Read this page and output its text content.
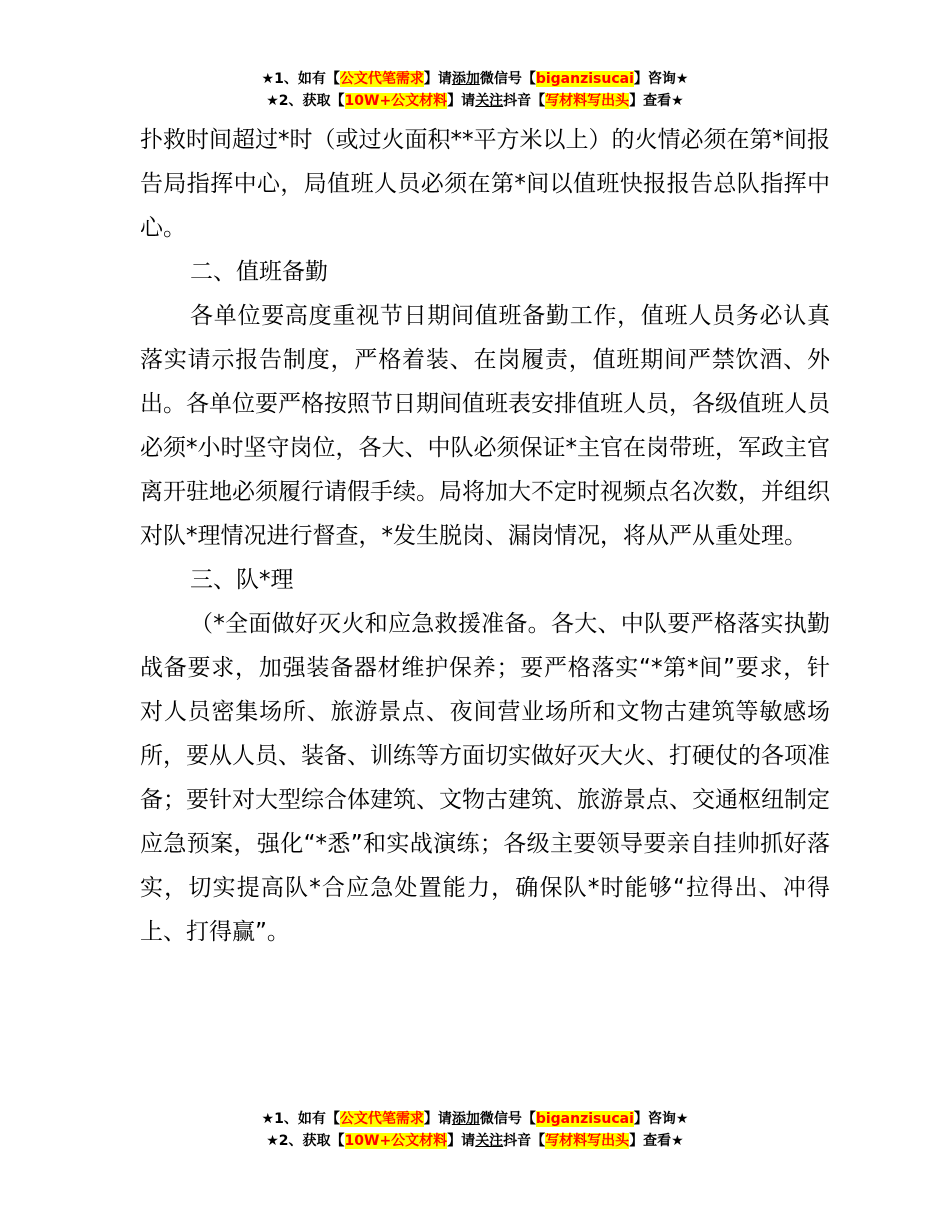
★1、如有【公文代笔需求】请添加微信号【biganzisucai】咨询★
★2、获取【10W+公文材料】请关注抖音【写材料写出头】查看★

扑救时间超过*时（或过火面积**平方米以上）的火情必须在第*间报告局指挥中心，局值班人员必须在第*间以值班快报报告总队指挥中心。

二、值班备勤

各单位要高度重视节日期间值班备勤工作，值班人员务必认真落实请示报告制度，严格着装、在岗履责，值班期间严禁饮酒、外出。各单位要严格按照节日期间值班表安排值班人员，各级值班人员必须*小时坚守岗位，各大、中队必须保证*主官在岗带班，军政主官离开驻地必须履行请假手续。局将加大不定时视频点名次数，并组织对队*理情况进行督查，*发生脱岗、漏岗情况，将从严从重处理。

三、队*理

（*全面做好灭火和应急救援准备。各大、中队要严格落实执勤战备要求，加强装备器材维护保养；要严格落实“*第*间”要求，针对人员密集场所、旅游景点、夜间营业场所和文物古建筑等敏感场所，要从人员、装备、训练等方面切实做好灭大火、打硬仗的各项准备；要针对大型综合体建筑、文物古建筑、旅游景点、交通枢纽制定应急预案，强化“*悉”和实战演练；各级主要领导要亲自挂帅抓好落实，切实提高队*合应急处置能力，确保队*时能够“拉得出、冲得上、打得赢”。

★1、如有【公文代笔需求】请添加微信号【biganzisucai】咨询★
★2、获取【10W+公文材料】请关注抖音【写材料写出头】查看★
